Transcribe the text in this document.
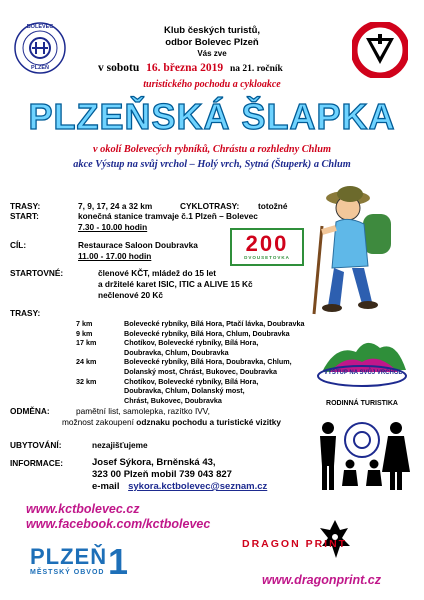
BOLEVEC
PLZEŇ
Klub českých turistů,
odbor Bolevec Plzeň
Vás zve
v sobotu 16. března 2019 na 21. ročník
turistického pochodu a cykloakce
PLZEŇSKÁ ŠLAPKA
v okolí Bolevecých rybníků, Chrástu a rozhledny Chlum
akce Výstup na svůj vrchol – Holý vrch, Sytná (Štuperk) a Chlum
TRASY:	7, 9, 17, 24 a 32 km	CYKLOTRASY: totožné
START:	konečná stanice tramvaje č.1 Plzeň – Bolevec
7.30 - 10.00 hodin
CÍL:	Restaurace Saloon Doubravka
11.00 - 17.00 hodin	200
DVOUSETOVKA
STARTOVNÉ:	členové KČT, mládež do 15 let
a držitelé karet ISIC, ITIC a ALIVE 15 Kč
nečlenové 20 Kč
TRASY:
7 km	Bolevecké rybníky, Bílá Hora, Ptačí lávka, Doubravka
9 km	Bolevecké rybníky, Bílá Hora, Chlum, Doubravka
17 km	Chotíkov, Bolevecké rybníky, Bílá Hora,
Doubravka, Chlum, Doubravka
24 km	Bolevecké rybníky, Bílá Hora, Doubravka, Chlum,
Dolanský most, Chrást, Bukovec, Doubravka
32 km	Chotíkov, Bolevecké rybníky, Bílá Hora,
Doubravka, Chlum, Dolanský most,
Chrást, Bukovec, Doubravka
VÝSTUP NA SVŮJ VRCHOL
ODMĚNA:	pamětní list, samolepka, razítko IVV,
možnost zakoupení odznaku pochodu a turistické vizitky
RODINNÁ TURISTIKA
UBYTOVÁNÍ:	nezajišťujeme
INFORMACE:	Josef Sýkora, Brněnská 43,
323 00 Plzeň mobil 739 043 827
e-mail sykora.kctbolevec@seznam.cz
www.kctbolevec.cz
www.facebook.com/kctbolevec
PLZEŇ 1
MĚSTSKÝ OBVOD
DRAGON PRINT
www.dragonprint.cz
